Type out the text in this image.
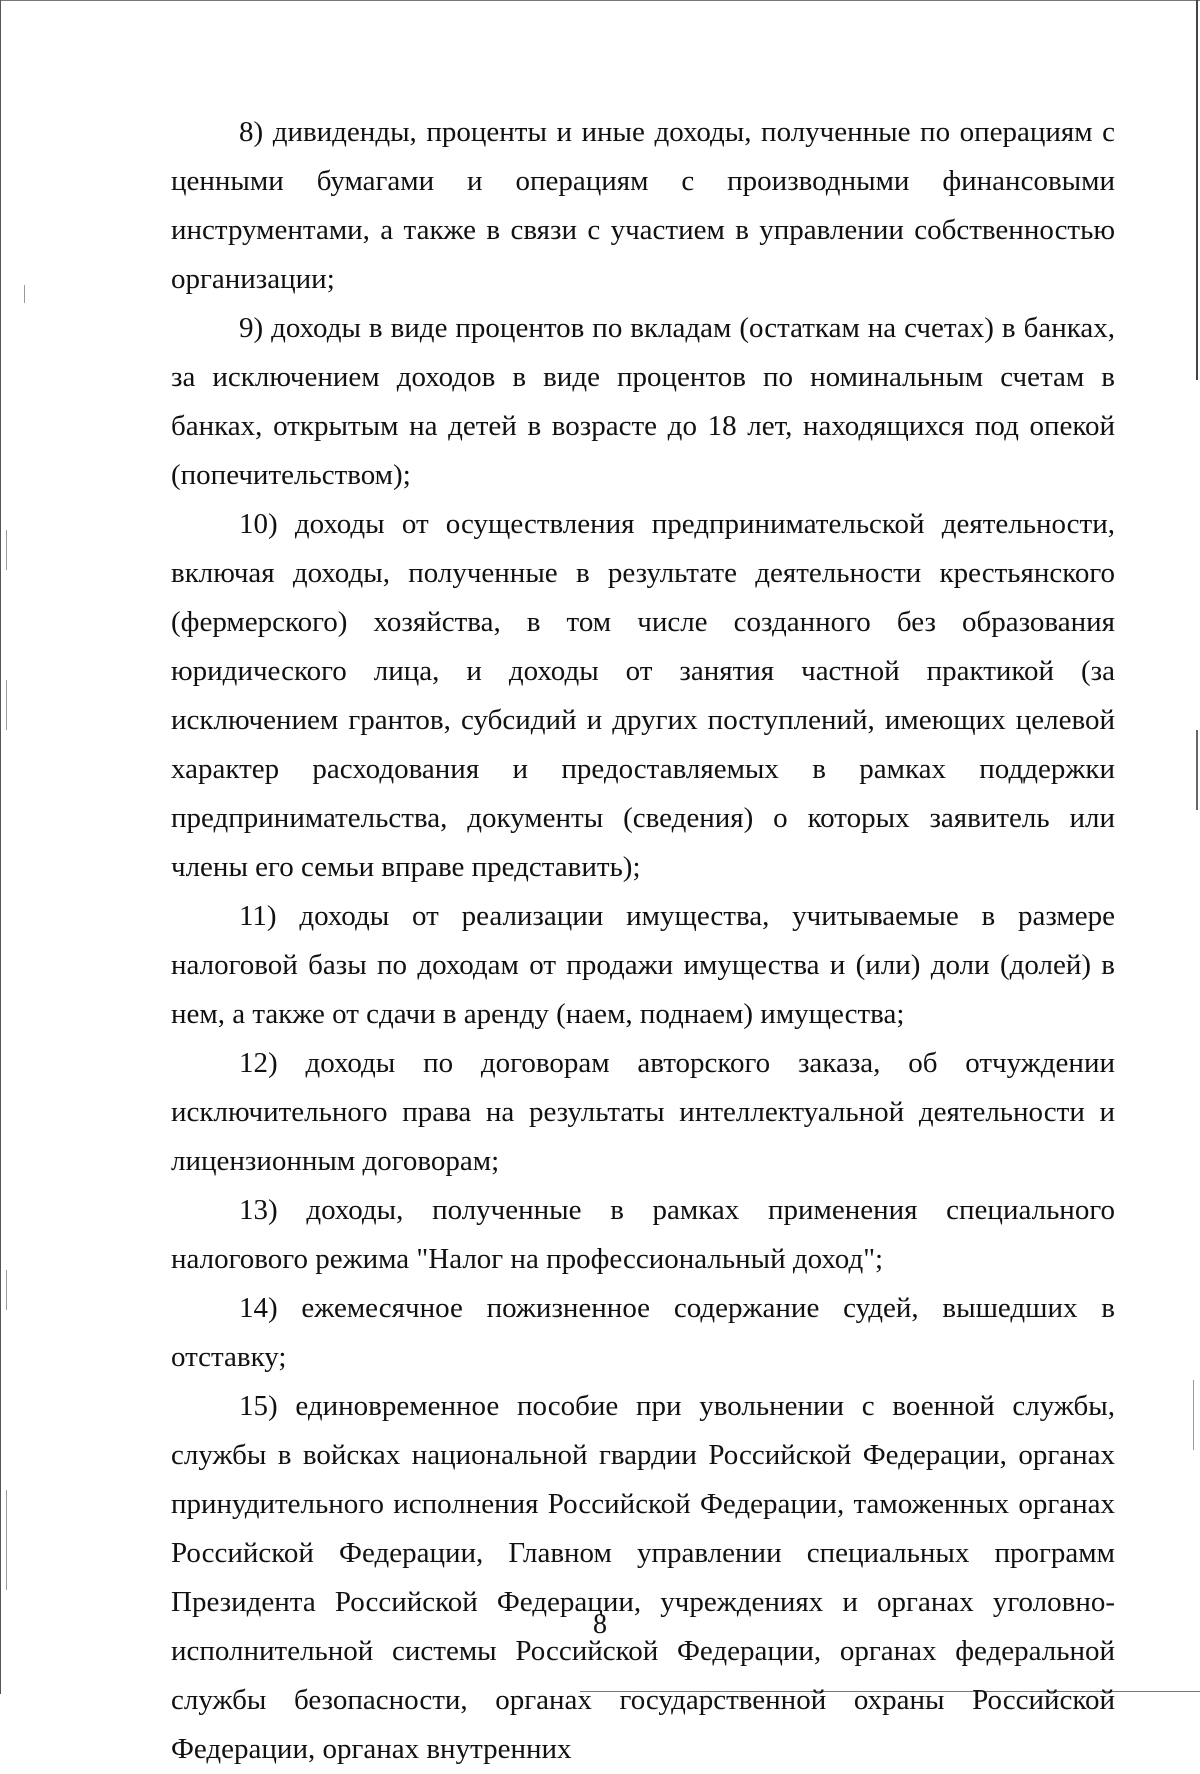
8) дивиденды, проценты и иные доходы, полученные по операциям с ценными бумагами и операциям с производными финансовыми инструментами, а также в связи с участием в управлении собственностью организации;

9) доходы в виде процентов по вкладам (остаткам на счетах) в банках, за исключением доходов в виде процентов по номинальным счетам в банках, открытым на детей в возрасте до 18 лет, находящихся под опекой (попечительством);

10) доходы от осуществления предпринимательской деятельности, включая доходы, полученные в результате деятельности крестьянского (фермерского) хозяйства, в том числе созданного без образования юридического лица, и доходы от занятия частной практикой (за исключением грантов, субсидий и других поступлений, имеющих целевой характер расходования и предоставляемых в рамках поддержки предпринимательства, документы (сведения) о которых заявитель или члены его семьи вправе представить);

11) доходы от реализации имущества, учитываемые в размере налоговой базы по доходам от продажи имущества и (или) доли (долей) в нем, а также от сдачи в аренду (наем, поднаем) имущества;

12) доходы по договорам авторского заказа, об отчуждении исключительного права на результаты интеллектуальной деятельности и лицензионным договорам;

13) доходы, полученные в рамках применения специального налогового режима "Налог на профессиональный доход";

14) ежемесячное пожизненное содержание судей, вышедших в отставку;

15) единовременное пособие при увольнении с военной службы, службы в войсках национальной гвардии Российской Федерации, органах принудительного исполнения Российской Федерации, таможенных органах Российской Федерации, Главном управлении специальных программ Президента Российской Федерации, учреждениях и органах уголовно-исполнительной системы Российской Федерации, органах федеральной службы безопасности, органах государственной охраны Российской Федерации, органах внутренних

8
